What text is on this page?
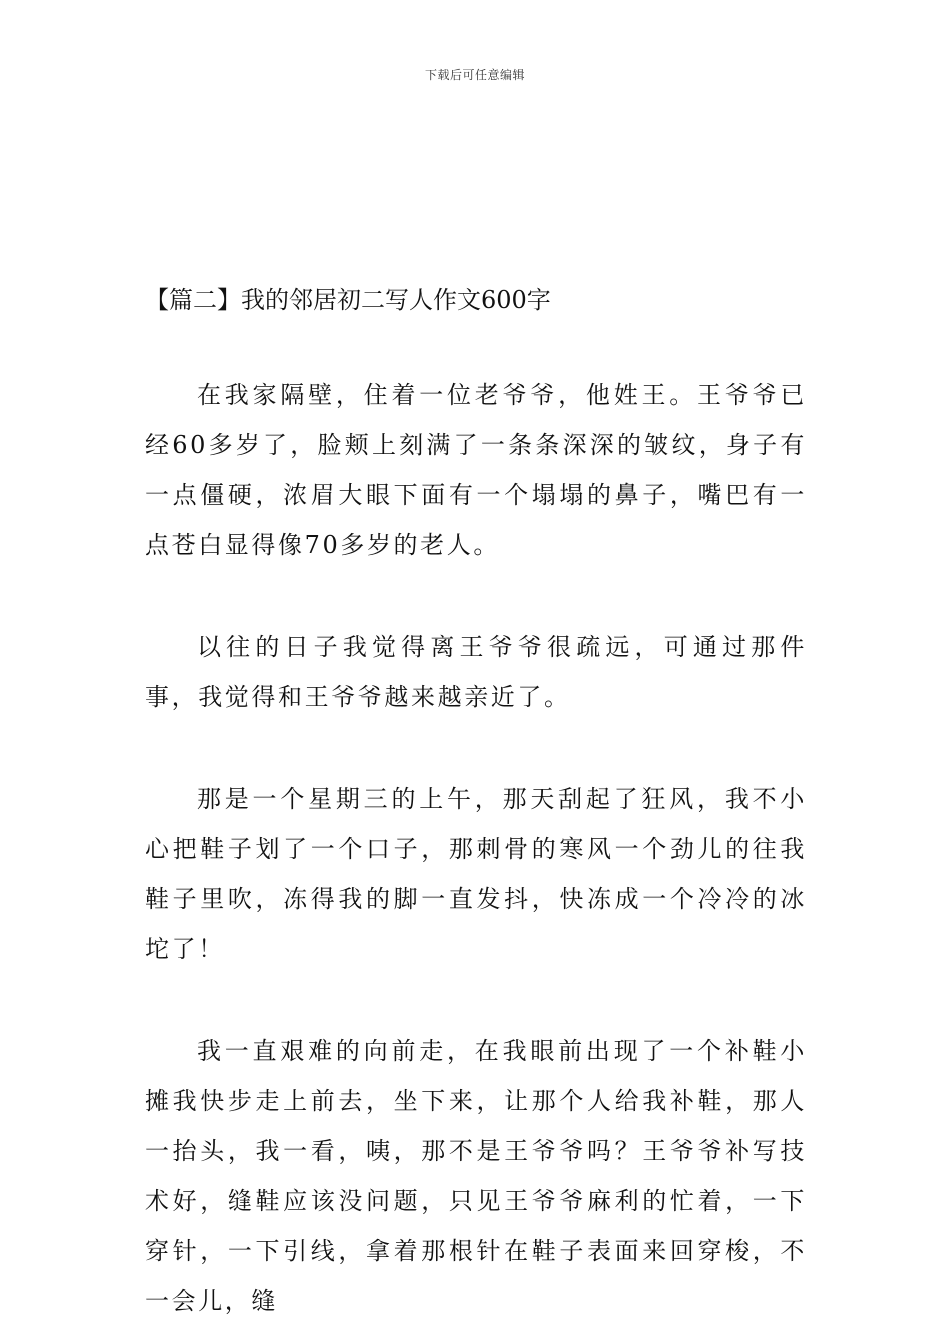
下载后可任意编辑
【篇二】我的邻居初二写人作文600字

在我家隔壁，住着一位老爷爷，他姓王。王爷爷已经60多岁了，脸颊上刻满了一条条深深的皱纹，身子有一点僵硬，浓眉大眼下面有一个塌塌的鼻子，嘴巴有一点苍白显得像70多岁的老人。

以往的日子我觉得离王爷爷很疏远，可通过那件事，我觉得和王爷爷越来越亲近了。

那是一个星期三的上午，那天刮起了狂风，我不小心把鞋子划了一个口子，那刺骨的寒风一个劲儿的往我鞋子里吹，冻得我的脚一直发抖，快冻成一个冷冷的冰坨了！

我一直艰难的向前走，在我眼前出现了一个补鞋小摊我快步走上前去，坐下来，让那个人给我补鞋，那人一抬头，我一看，咦，那不是王爷爷吗？王爷爷补写技术好，缝鞋应该没问题，只见王爷爷麻利的忙着，一下穿针，一下引线，拿着那根针在鞋子表面来回穿梭，不一会儿，缝
